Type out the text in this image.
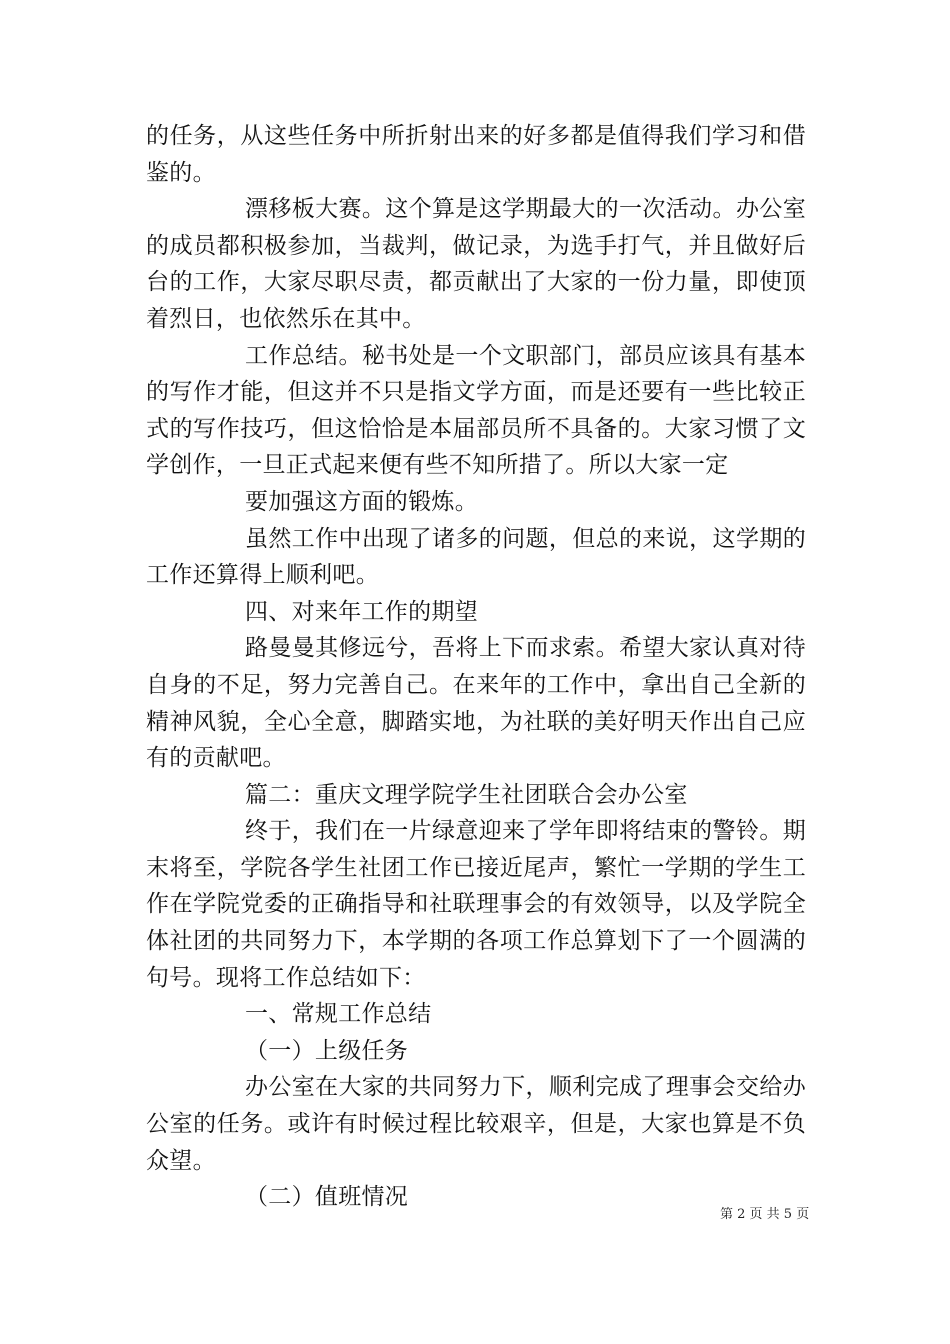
的任务，从这些任务中所折射出来的好多都是值得我们学习和借鉴的。

漂移板大赛。这个算是这学期最大的一次活动。办公室的成员都积极参加，当裁判，做记录，为选手打气，并且做好后台的工作，大家尽职尽责，都贡献出了大家的一份力量，即使顶着烈日，也依然乐在其中。

工作总结。秘书处是一个文职部门，部员应该具有基本的写作才能，但这并不只是指文学方面，而是还要有一些比较正式的写作技巧，但这恰恰是本届部员所不具备的。大家习惯了文学创作，一旦正式起来便有些不知所措了。所以大家一定

要加强这方面的锻炼。

虽然工作中出现了诸多的问题，但总的来说，这学期的工作还算得上顺利吧。

四、对来年工作的期望

路曼曼其修远兮，吾将上下而求索。希望大家认真对待自身的不足，努力完善自己。在来年的工作中，拿出自己全新的精神风貌，全心全意，脚踏实地，为社联的美好明天作出自己应有的贡献吧。

篇二：重庆文理学院学生社团联合会办公室

终于，我们在一片绿意迎来了学年即将结束的警铃。期末将至，学院各学生社团工作已接近尾声，繁忙一学期的学生工作在学院党委的正确指导和社联理事会的有效领导，以及学院全体社团的共同努力下，本学期的各项工作总算划下了一个圆满的句号。现将工作总结如下：

一、常规工作总结

（一）上级任务

办公室在大家的共同努力下，顺利完成了理事会交给办公室的任务。或许有时候过程比较艰辛，但是，大家也算是不负众望。

（二）值班情况

第 2 页 共 5 页
